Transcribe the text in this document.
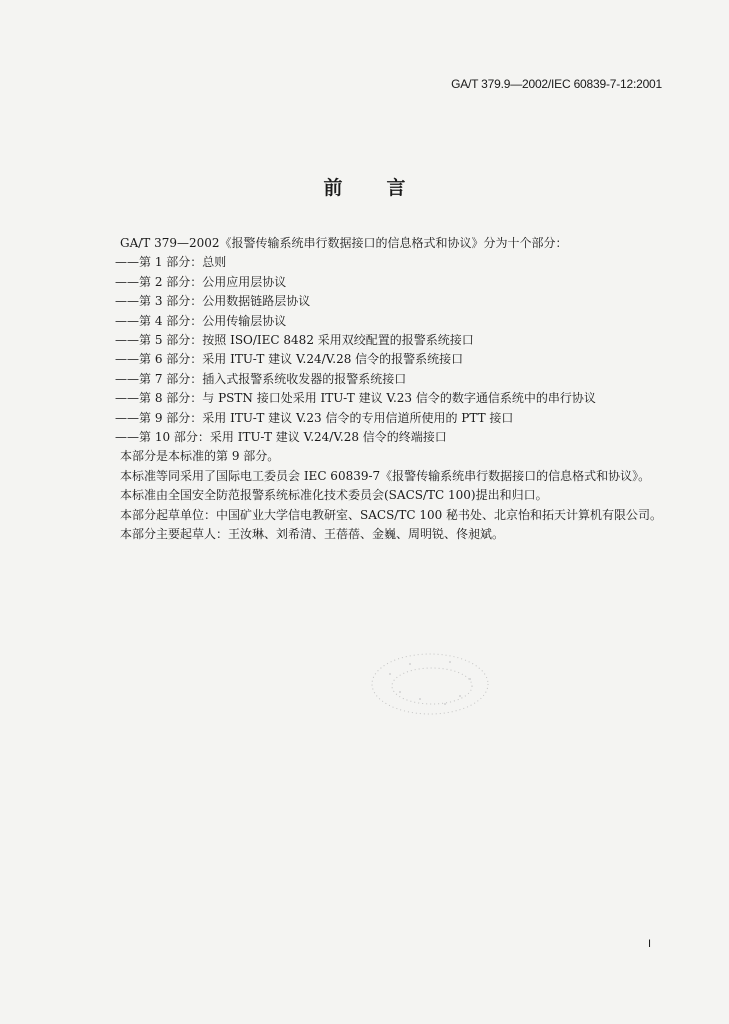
GA/T 379.9—2002/IEC 60839-7-12:2001
前言
GA/T 379—2002《报警传输系统串行数据接口的信息格式和协议》分为十个部分：
——第 1 部分：总则
——第 2 部分：公用应用层协议
——第 3 部分：公用数据链路层协议
——第 4 部分：公用传输层协议
——第 5 部分：按照 ISO/IEC 8482 采用双绞配置的报警系统接口
——第 6 部分：采用 ITU-T 建议 V.24/V.28 信令的报警系统接口
——第 7 部分：插入式报警系统收发器的报警系统接口
——第 8 部分：与 PSTN 接口处采用 ITU-T 建议 V.23 信令的数字通信系统中的串行协议
——第 9 部分：采用 ITU-T 建议 V.23 信令的专用信道所使用的 PTT 接口
——第 10 部分：采用 ITU-T 建议 V.24/V.28 信令的终端接口
本部分是本标准的第 9 部分。
本标准等同采用了国际电工委员会 IEC 60839-7《报警传输系统串行数据接口的信息格式和协议》。
本标准由全国安全防范报警系统标准化技术委员会(SACS/TC 100)提出和归口。
本部分起草单位：中国矿业大学信电教研室、SACS/TC 100 秘书处、北京怡和拓天计算机有限公司。
本部分主要起草人：王汝琳、刘希清、王蓓蓓、金巍、周明锐、佟昶斌。
I
